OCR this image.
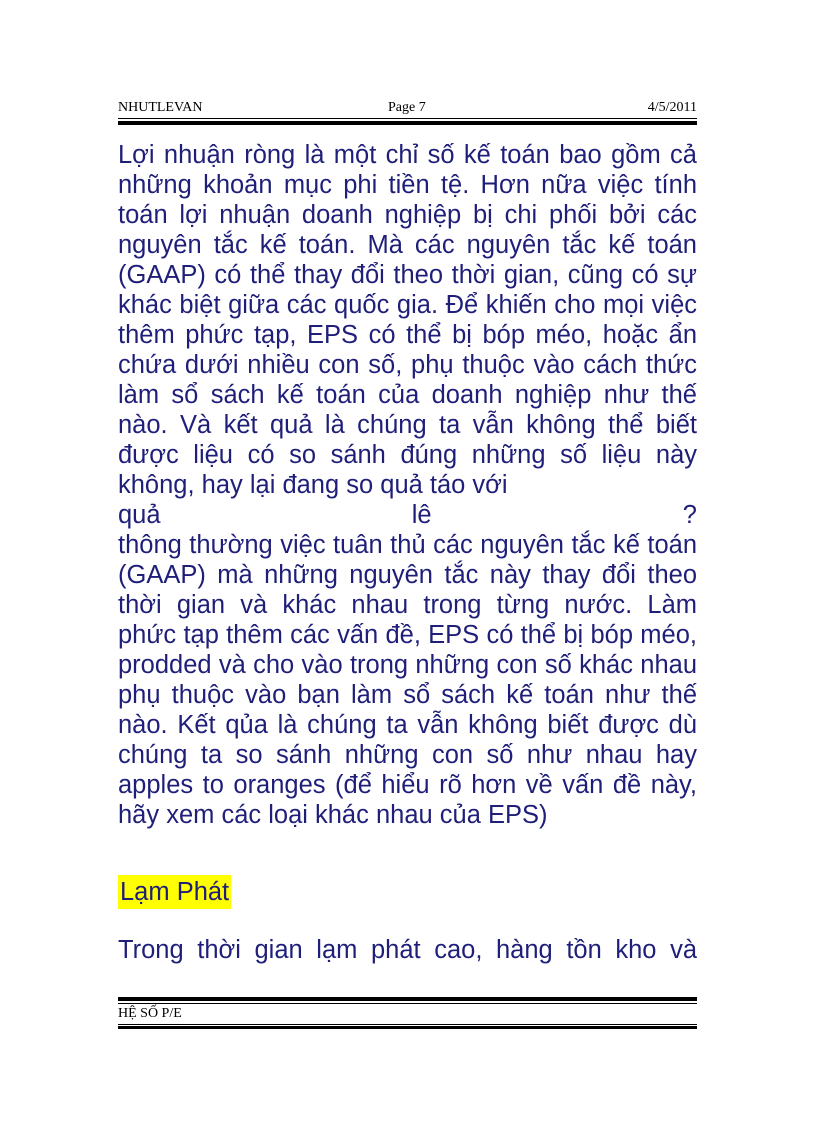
NHUTLEVAN	Page 7	4/5/2011

Lợi nhuận ròng là một chỉ số kế toán bao gồm cả những khoản mục phi tiền tệ. Hơn nữa việc tính toán lợi nhuận doanh nghiệp bị chi phối bởi các nguyên tắc kế toán. Mà các nguyên tắc kế toán (GAAP) có thể thay đổi theo thời gian, cũng có sự khác biệt giữa các quốc gia. Để khiến cho mọi việc thêm phức tạp, EPS có thể bị bóp méo, hoặc ẩn chứa dưới nhiều con số, phụ thuộc vào cách thức làm sổ sách kế toán của doanh nghiệp như thế nào. Và kết quả là chúng ta vẫn không thể biết được liệu có so sánh đúng những số liệu này không, hay lại đang so quả táo với

quả lê ?

thông thường việc tuân thủ các nguyên tắc kế toán (GAAP) mà những nguyên tắc này thay đổi theo thời gian và khác nhau trong từng nước. Làm phức tạp thêm các vấn đề, EPS có thể bị bóp méo, prodded và cho vào trong những con số khác nhau phụ thuộc vào bạn làm sổ sách kế toán như thế nào. Kết qủa là chúng ta vẫn không biết được dù chúng ta so sánh những con số như nhau hay apples to oranges (để hiểu rõ hơn về vấn đề này, hãy xem các loại khác nhau của EPS)

Lạm Phát
Trong thời gian lạm phát cao, hàng tồn kho và
HỆ SỐ P/E
